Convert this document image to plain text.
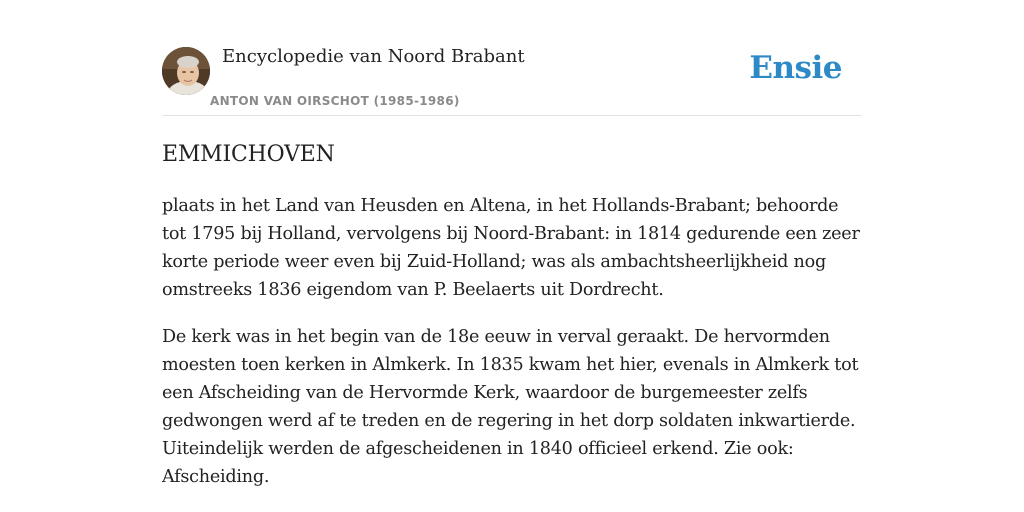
Encyclopedie van Noord Brabant
ANTON VAN OIRSCHOT (1985-1986)
Ensie
EMMICHOVEN

plaats in het Land van Heusden en Altena, in het Hollands-Brabant; behoorde tot 1795 bij Holland, vervolgens bij Noord-Brabant: in 1814 gedurende een zeer korte periode weer even bij Zuid-Holland; was als ambachtsheerlijkheid nog omstreeks 1836 eigendom van P. Beelaerts uit Dordrecht.

De kerk was in het begin van de 18e eeuw in verval geraakt. De hervormden moesten toen kerken in Almkerk. In 1835 kwam het hier, evenals in Almkerk tot een Afscheiding van de Hervormde Kerk, waardoor de burgemeester zelfs gedwongen werd af te treden en de regering in het dorp soldaten inkwartierde. Uiteindelijk werden de afgescheidenen in 1840 officieel erkend. Zie ook: Afscheiding.
